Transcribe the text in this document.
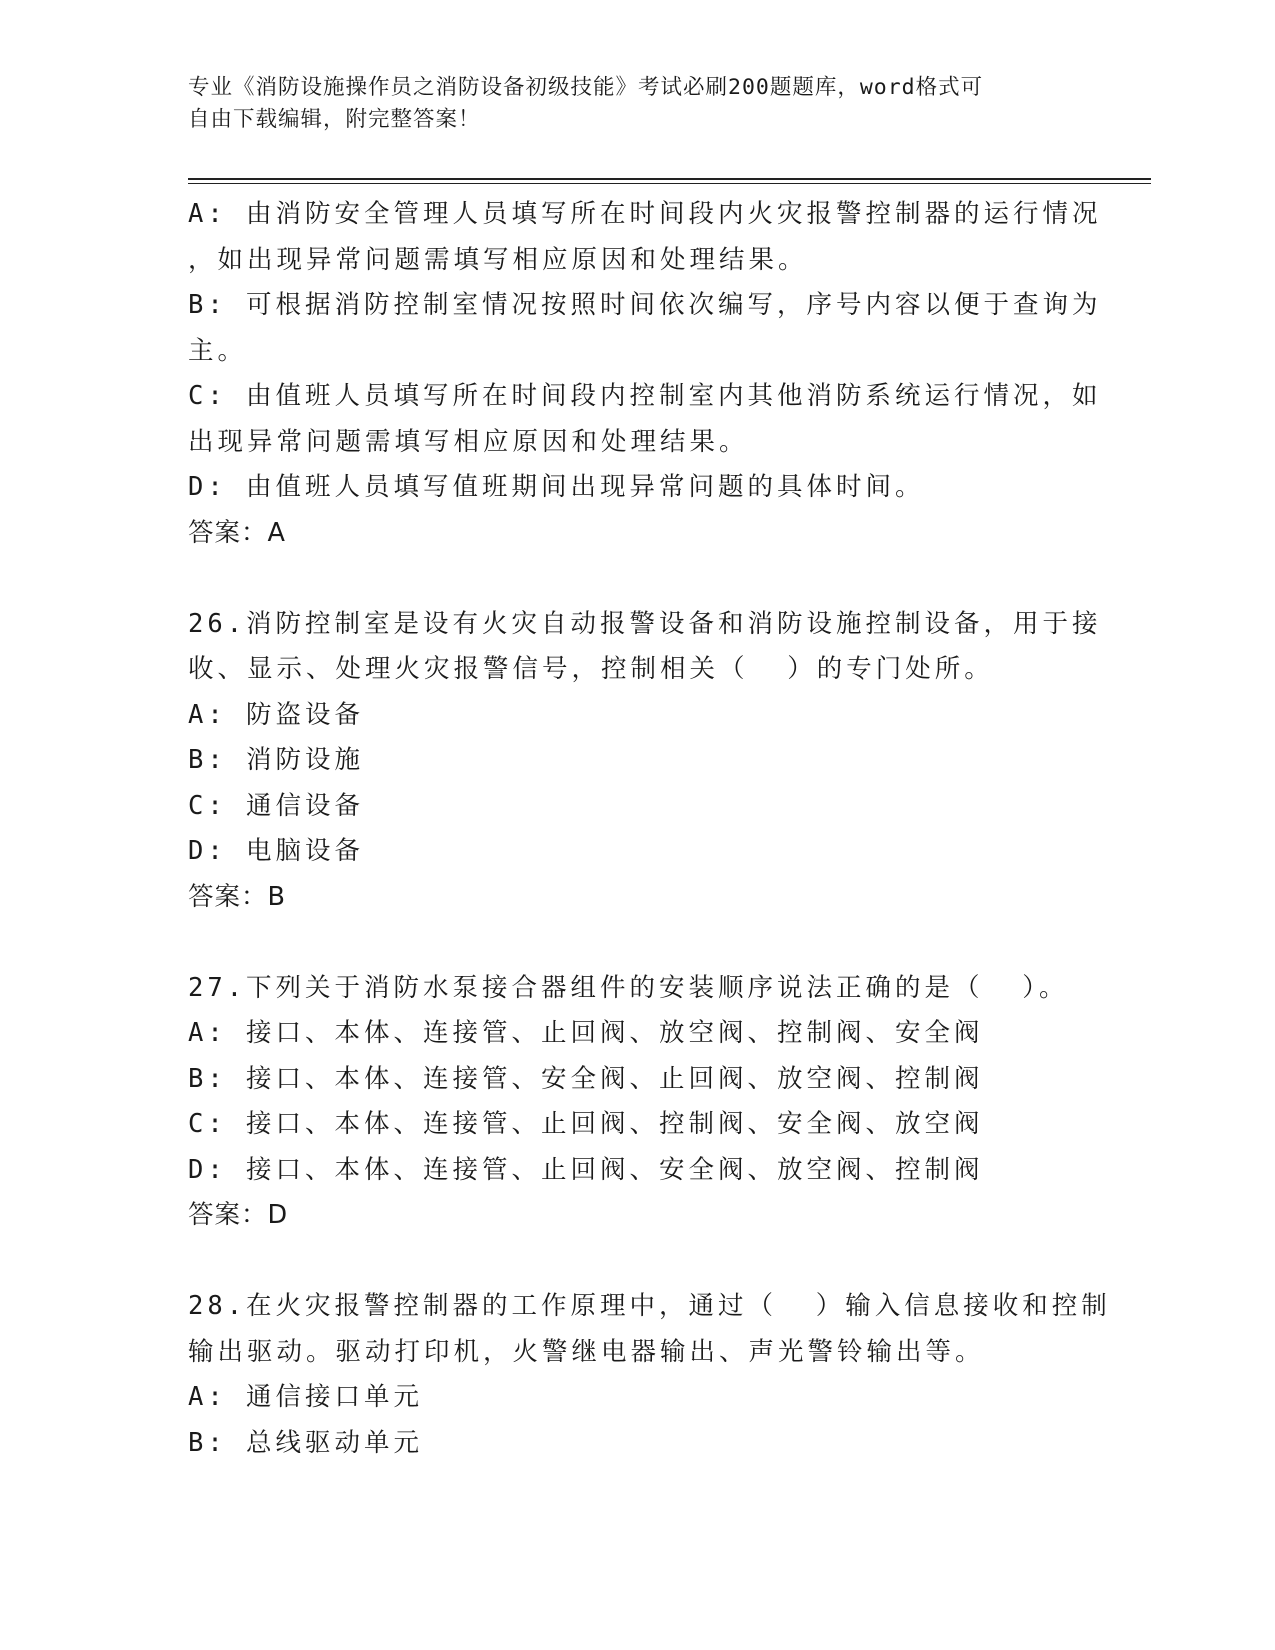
专业《消防设施操作员之消防设备初级技能》考试必刷200题题库，word格式可
自由下载编辑，附完整答案！

A: 由消防安全管理人员填写所在时间段内火灾报警控制器的运行情况

，如出现异常问题需填写相应原因和处理结果。

B: 可根据消防控制室情况按照时间依次编写，序号内容以便于查询为

主。

C: 由值班人员填写所在时间段内控制室内其他消防系统运行情况，如

出现异常问题需填写相应原因和处理结果。

D: 由值班人员填写值班期间出现异常问题的具体时间。

答案：A

26.消防控制室是设有火灾自动报警设备和消防设施控制设备，用于接

收、显示、处理火灾报警信号，控制相关（  ）的专门处所。

A: 防盗设备

B: 消防设施

C: 通信设备

D: 电脑设备

答案：B

27.下列关于消防水泵接合器组件的安装顺序说法正确的是（  ）。

A: 接口、本体、连接管、止回阀、放空阀、控制阀、安全阀

B: 接口、本体、连接管、安全阀、止回阀、放空阀、控制阀

C: 接口、本体、连接管、止回阀、控制阀、安全阀、放空阀

D: 接口、本体、连接管、止回阀、安全阀、放空阀、控制阀

答案：D

28.在火灾报警控制器的工作原理中，通过（  ）输入信息接收和控制

输出驱动。驱动打印机，火警继电器输出、声光警铃输出等。

A: 通信接口单元

B: 总线驱动单元
